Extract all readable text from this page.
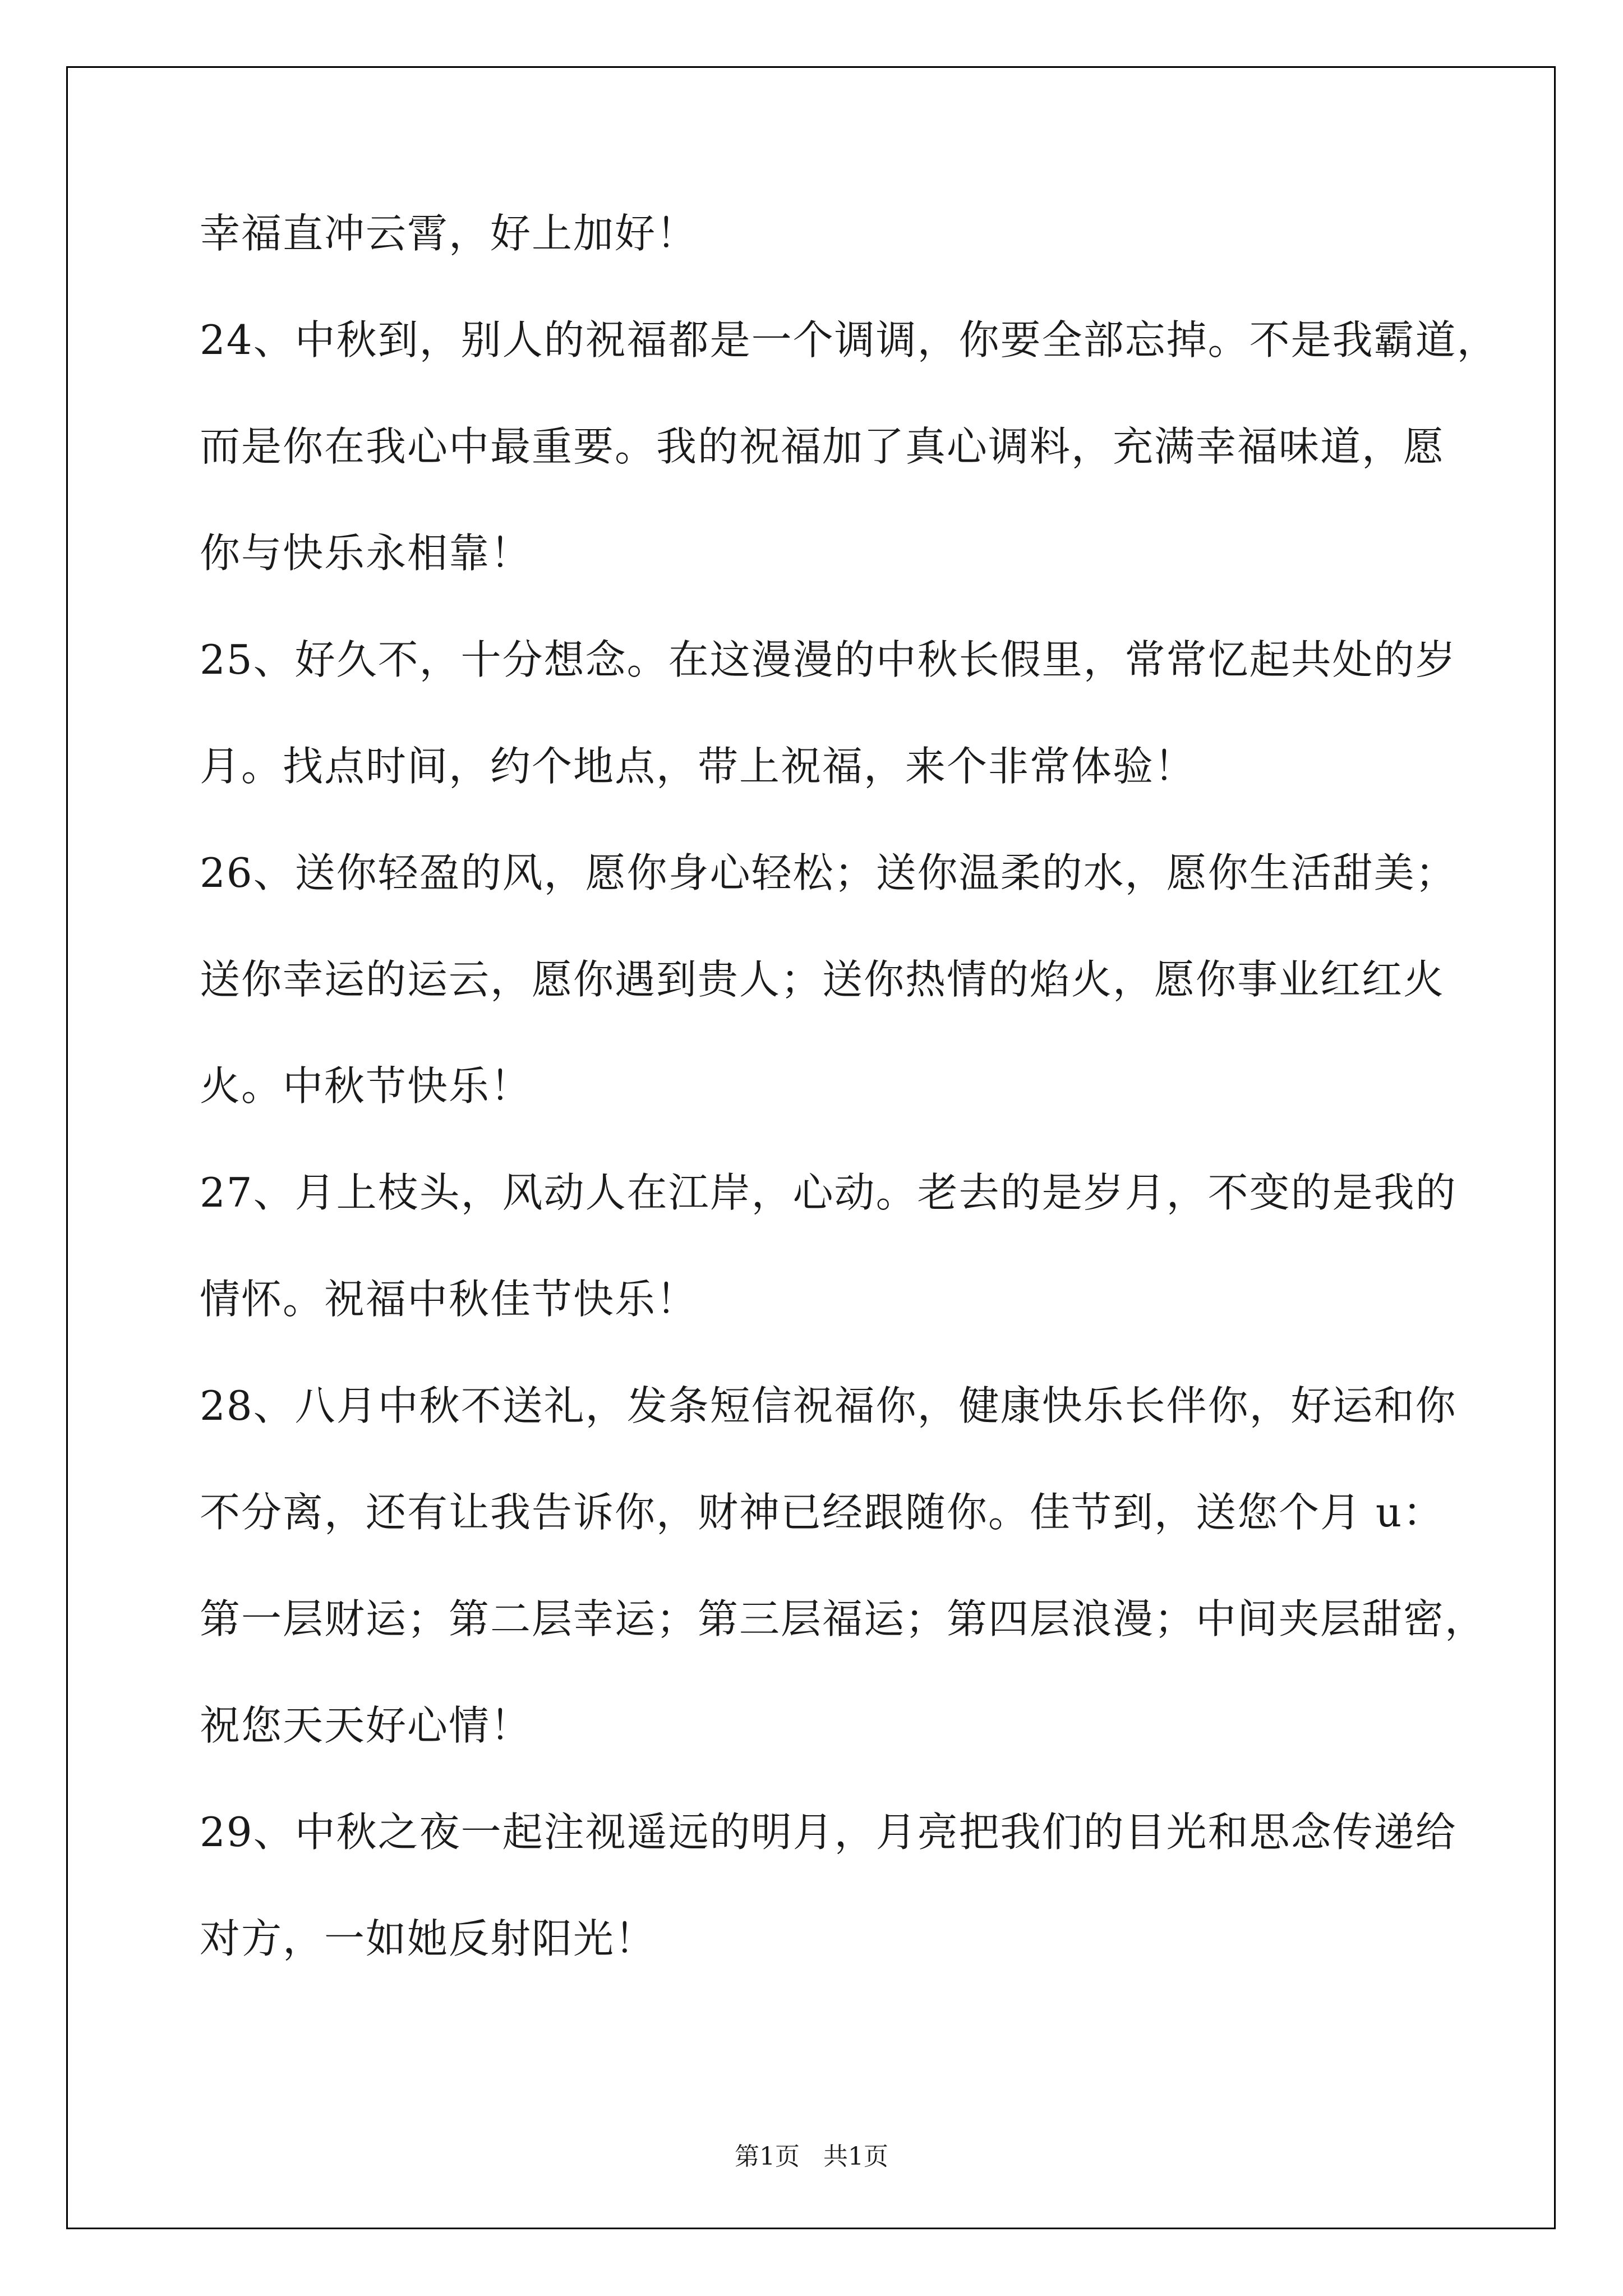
幸福直冲云霄，好上加好！
24、中秋到，别人的祝福都是一个调调，你要全部忘掉。不是我霸道，
而是你在我心中最重要。我的祝福加了真心调料，充满幸福味道，愿
你与快乐永相靠！
25、好久不，十分想念。在这漫漫的中秋长假里，常常忆起共处的岁
月。找点时间，约个地点，带上祝福，来个非常体验！
26、送你轻盈的风，愿你身心轻松；送你温柔的水，愿你生活甜美；
送你幸运的运云，愿你遇到贵人；送你热情的焰火，愿你事业红红火
火。中秋节快乐！
27、月上枝头，风动人在江岸，心动。老去的是岁月，不变的是我的
情怀。祝福中秋佳节快乐！
28、八月中秋不送礼，发条短信祝福你，健康快乐长伴你，好运和你
不分离，还有让我告诉你，财神已经跟随你。佳节到，送您个月 u：
第一层财运；第二层幸运；第三层福运；第四层浪漫；中间夹层甜密，
祝您天天好心情！
29、中秋之夜一起注视遥远的明月，月亮把我们的目光和思念传递给
对方，一如她反射阳光！
第1页   共1页
